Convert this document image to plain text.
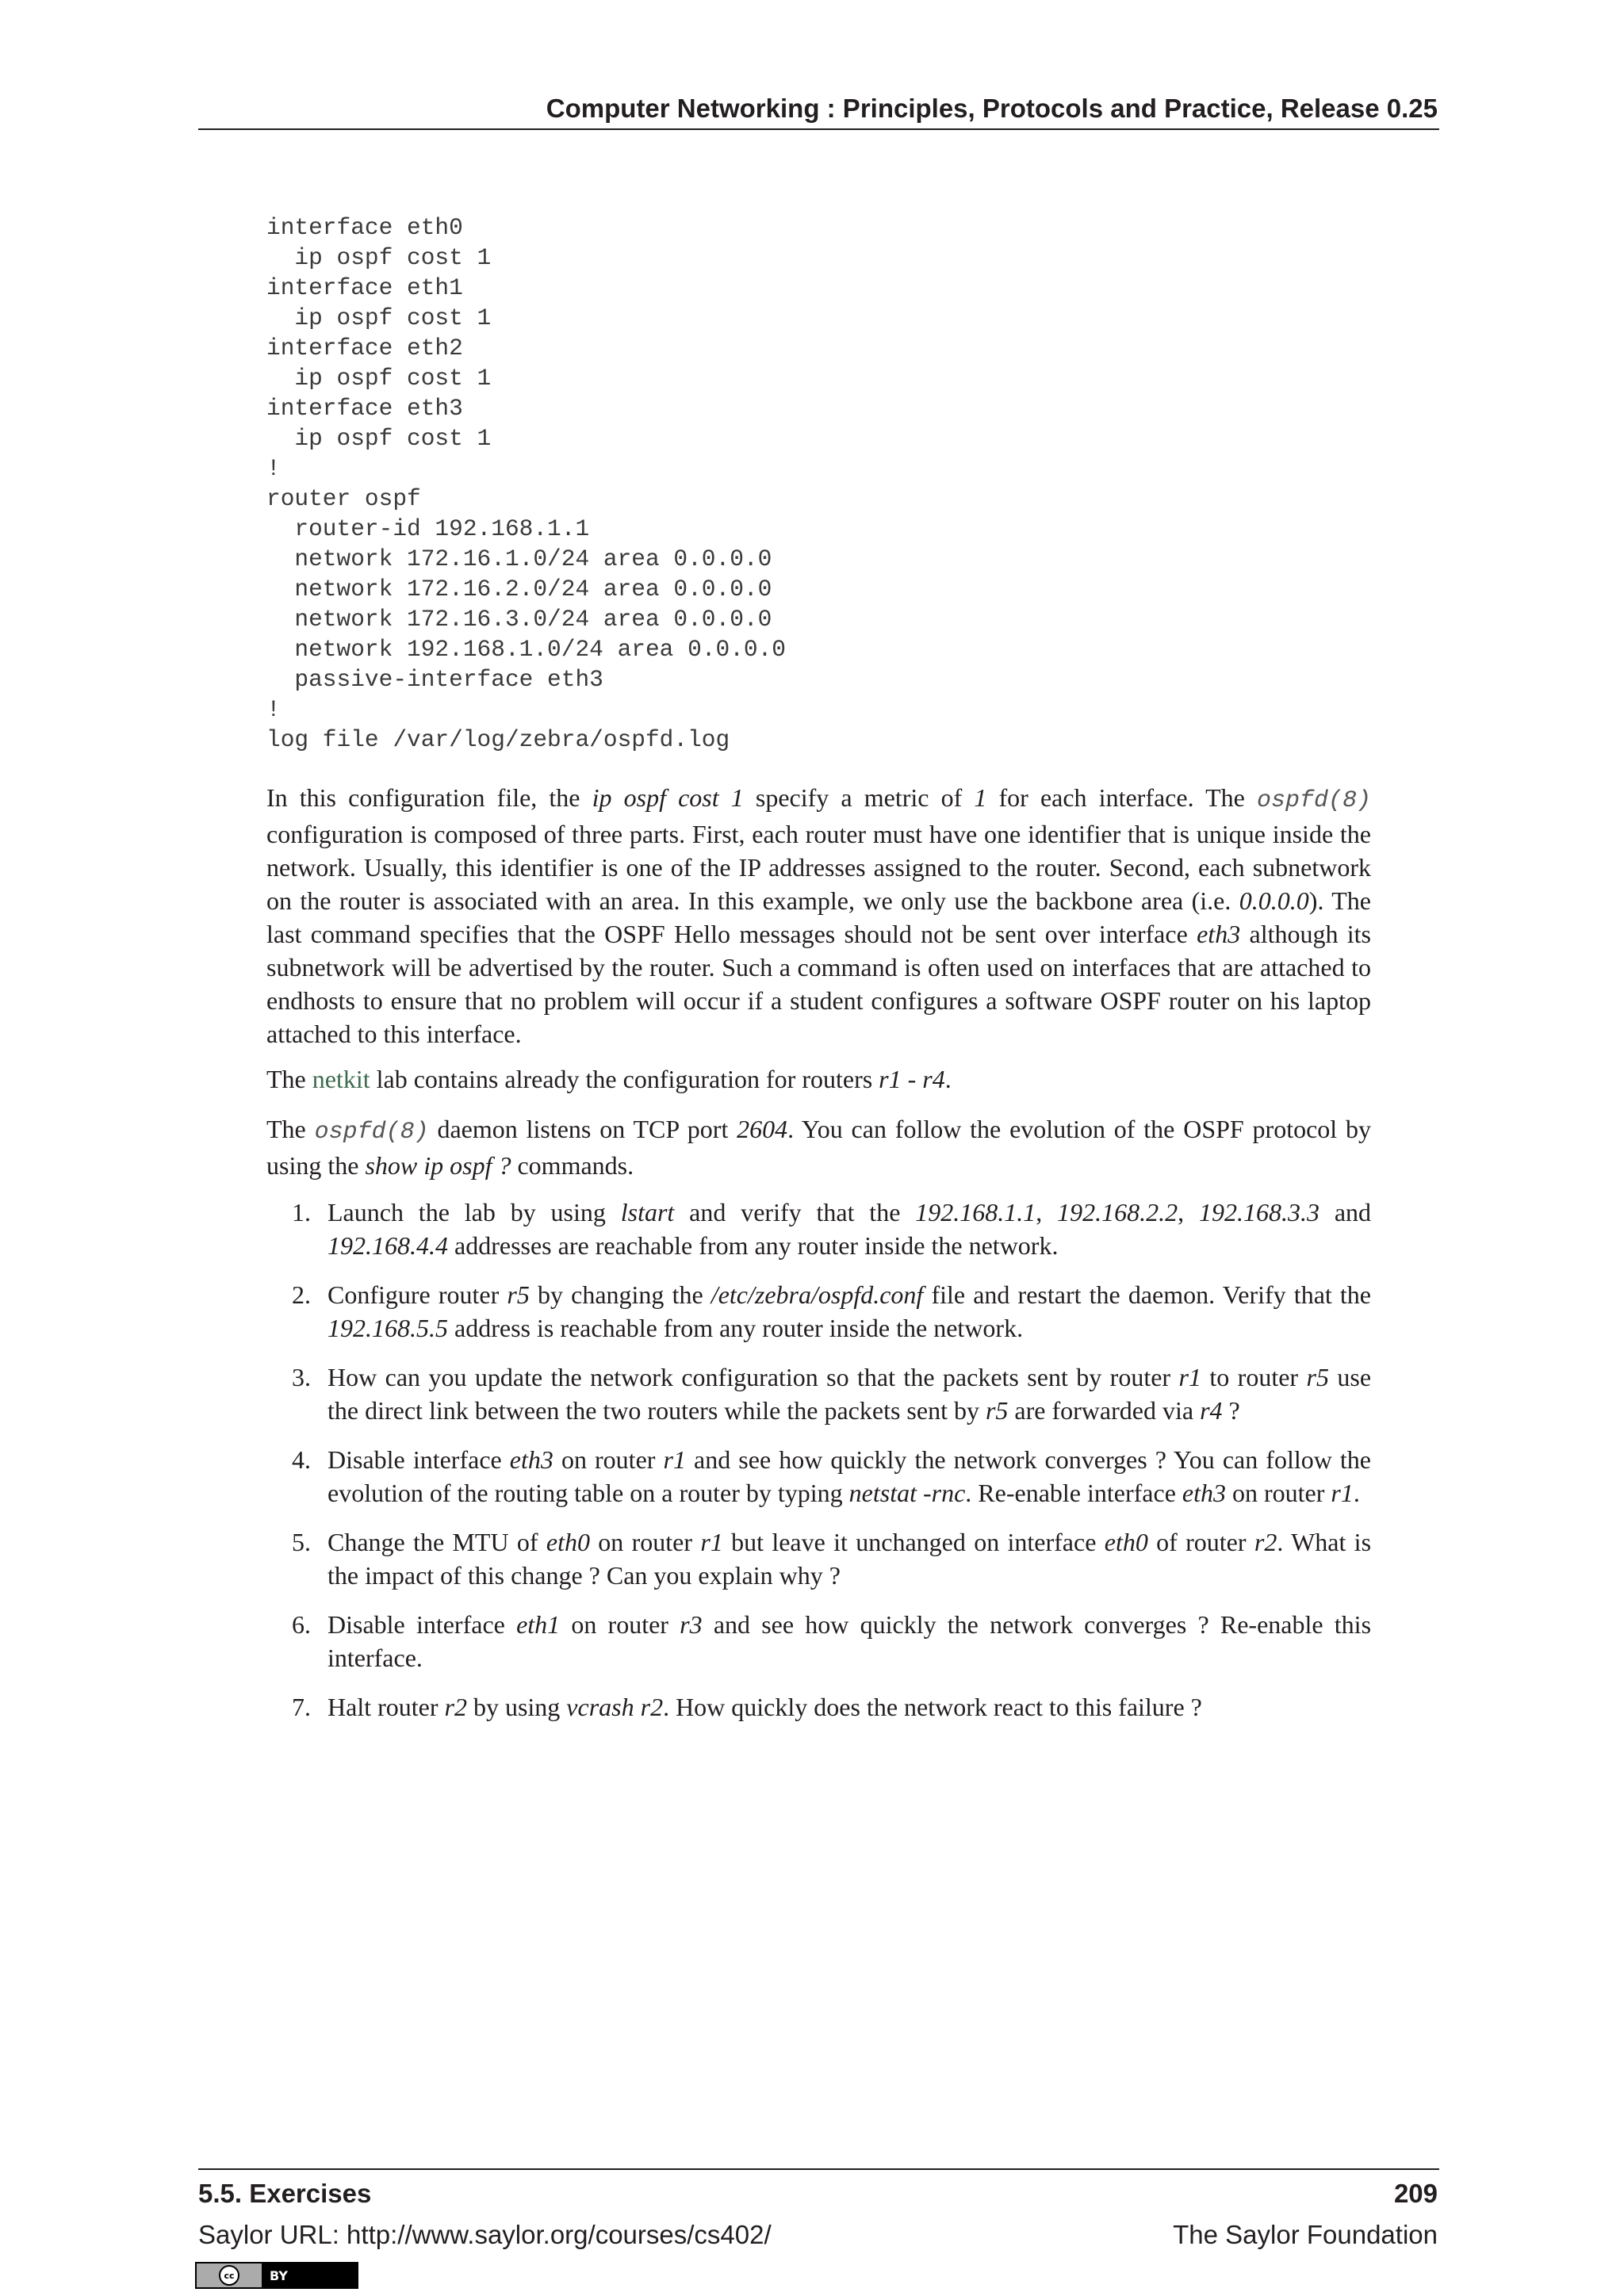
Computer Networking : Principles, Protocols and Practice, Release 0.25
interface eth0
ip ospf cost 1
interface eth1
ip ospf cost 1
interface eth2
ip ospf cost 1
interface eth3
ip ospf cost 1
!
router ospf
router-id 192.168.1.1
network 172.16.1.0/24 area 0.0.0.0
network 172.16.2.0/24 area 0.0.0.0
network 172.16.3.0/24 area 0.0.0.0
network 192.168.1.0/24 area 0.0.0.0
passive-interface eth3
!
log file /var/log/zebra/ospfd.log

In this configuration file, the ip ospf cost 1 specify a metric of 1 for each interface. The ospfd(8) configuration is composed of three parts. First, each router must have one identifier that is unique inside the network. Usually, this identifier is one of the IP addresses assigned to the router. Second, each subnetwork on the router is associated with an area. In this example, we only use the backbone area (i.e. 0.0.0.0). The last command specifies that the OSPF Hello messages should not be sent over interface eth3 although its subnetwork will be advertised by the router. Such a command is often used on interfaces that are attached to endhosts to ensure that no problem will occur if a student configures a software OSPF router on his laptop attached to this interface.

The netkit lab contains already the configuration for routers r1 - r4.

The ospfd(8) daemon listens on TCP port 2604. You can follow the evolution of the OSPF protocol by using the show ip ospf ? commands.

1. Launch the lab by using lstart and verify that the 192.168.1.1, 192.168.2.2, 192.168.3.3 and 192.168.4.4 addresses are reachable from any router inside the network.
2. Configure router r5 by changing the /etc/zebra/ospfd.conf file and restart the daemon. Verify that the 192.168.5.5 address is reachable from any router inside the network.
3. How can you update the network configuration so that the packets sent by router r1 to router r5 use the direct link between the two routers while the packets sent by r5 are forwarded via r4 ?
4. Disable interface eth3 on router r1 and see how quickly the network converges ? You can follow the evolution of the routing table on a router by typing netstat -rnc. Re-enable interface eth3 on router r1.
5. Change the MTU of eth0 on router r1 but leave it unchanged on interface eth0 of router r2. What is the impact of this change ? Can you explain why ?
6. Disable interface eth1 on router r3 and see how quickly the network converges ? Re-enable this interface.
7. Halt router r2 by using vcrash r2. How quickly does the network react to this failure ?
5.5. Exercises	209
Saylor URL: http://www.saylor.org/courses/cs402/	The Saylor Foundation
cc	BY
